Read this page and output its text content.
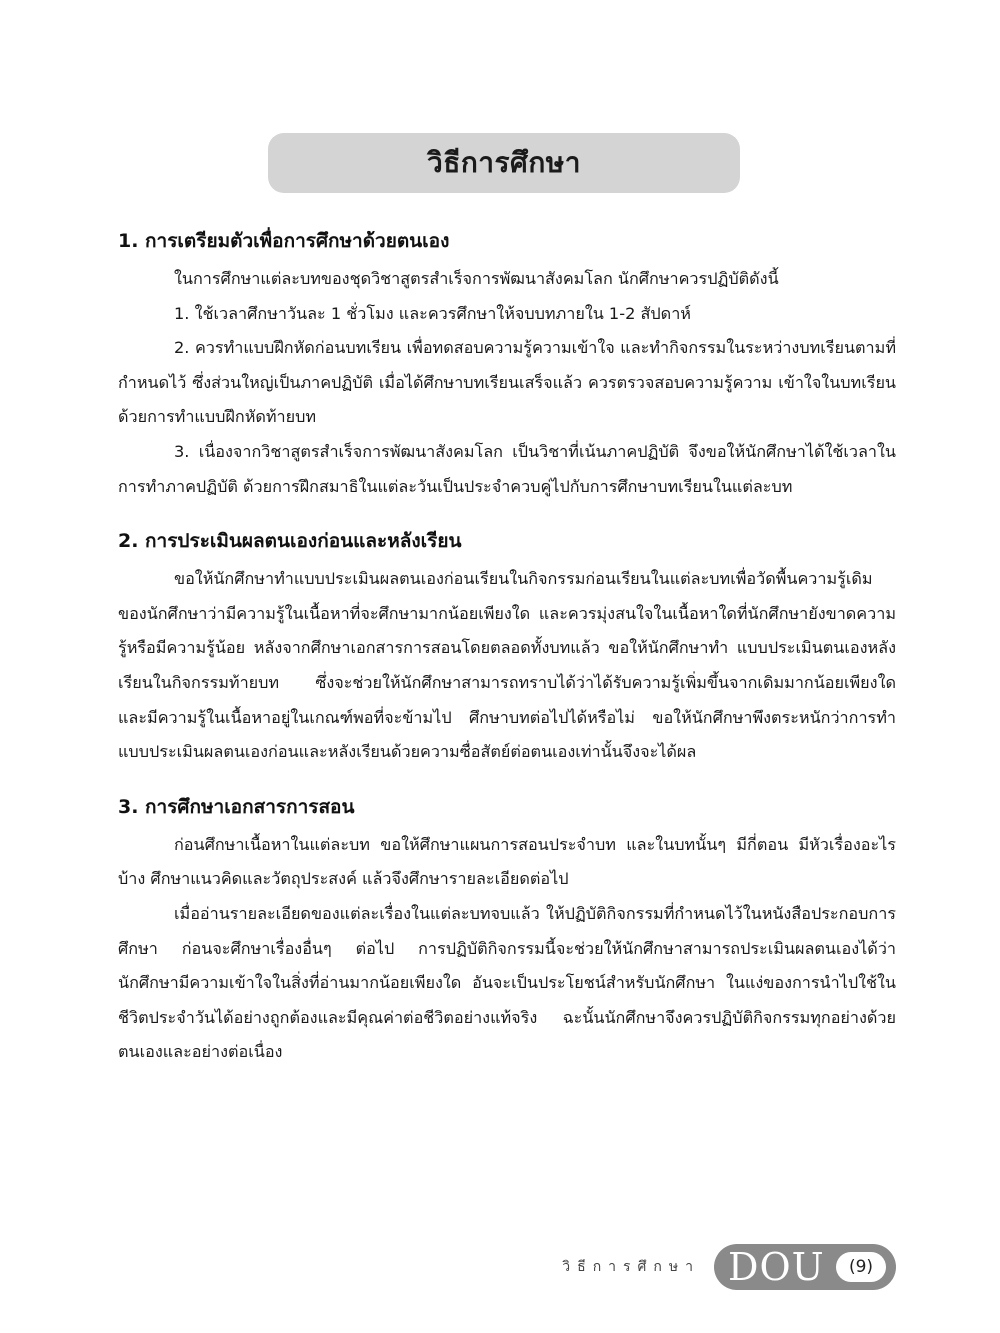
วิธีการศึกษา
1. การเตรียมตัวเพื่อการศึกษาด้วยตนเอง

ในการศึกษาแต่ละบทของชุดวิชาสูตรสำเร็จการพัฒนาสังคมโลก นักศึกษาควรปฏิบัติดังนี้

1. ใช้เวลาศึกษาวันละ 1 ชั่วโมง และควรศึกษาให้จบบทภายใน 1-2 สัปดาห์

2. ควรทำแบบฝึกหัดก่อนบทเรียน เพื่อทดสอบความรู้ความเข้าใจ และทำกิจกรรมในระหว่างบทเรียนตามที่กำหนดไว้ ซึ่งส่วนใหญ่เป็นภาคปฏิบัติ เมื่อได้ศึกษาบทเรียนเสร็จแล้ว ควรตรวจสอบความรู้ความ เข้าใจในบทเรียน ด้วยการทำแบบฝึกหัดท้ายบท

3. เนื่องจากวิชาสูตรสำเร็จการพัฒนาสังคมโลก เป็นวิชาที่เน้นภาคปฏิบัติ จึงขอให้นักศึกษาได้ใช้เวลาในการทำภาคปฏิบัติ ด้วยการฝึกสมาธิในแต่ละวันเป็นประจำควบคู่ไปกับการศึกษาบทเรียนในแต่ละบท

2. การประเมินผลตนเองก่อนและหลังเรียน

ขอให้นักศึกษาทำแบบประเมินผลตนเองก่อนเรียนในกิจกรรมก่อนเรียนในแต่ละบทเพื่อวัดพื้นความรู้เดิมของนักศึกษาว่ามีความรู้ในเนื้อหาที่จะศึกษามากน้อยเพียงใด และควรมุ่งสนใจในเนื้อหาใดที่นักศึกษายังขาดความรู้หรือมีความรู้น้อย หลังจากศึกษาเอกสารการสอนโดยตลอดทั้งบทแล้ว ขอให้นักศึกษาทำ แบบประเมินตนเองหลังเรียนในกิจกรรมท้ายบท ซึ่งจะช่วยให้นักศึกษาสามารถทราบได้ว่าได้รับความรู้เพิ่มขึ้นจากเดิมมากน้อยเพียงใด และมีความรู้ในเนื้อหาอยู่ในเกณฑ์พอที่จะข้ามไป ศึกษาบทต่อไปได้หรือไม่ ขอให้นักศึกษาพึงตระหนักว่าการทำแบบประเมินผลตนเองก่อนและหลังเรียนด้วยความซื่อสัตย์ต่อตนเองเท่านั้นจึงจะได้ผล

3. การศึกษาเอกสารการสอน

ก่อนศึกษาเนื้อหาในแต่ละบท ขอให้ศึกษาแผนการสอนประจำบท และในบทนั้นๆ มีกี่ตอน มีหัวเรื่องอะไรบ้าง ศึกษาแนวคิดและวัตถุประสงค์ แล้วจึงศึกษารายละเอียดต่อไป

เมื่ออ่านรายละเอียดของแต่ละเรื่องในแต่ละบทจบแล้ว ให้ปฏิบัติกิจกรรมที่กำหนดไว้ในหนังสือประกอบการศึกษา ก่อนจะศึกษาเรื่องอื่นๆ ต่อไป การปฏิบัติกิจกรรมนี้จะช่วยให้นักศึกษาสามารถประเมินผลตนเองได้ว่า นักศึกษามีความเข้าใจในสิ่งที่อ่านมากน้อยเพียงใด อันจะเป็นประโยชน์สำหรับนักศึกษา ในแง่ของการนำไปใช้ในชีวิตประจำวันได้อย่างถูกต้องและมีคุณค่าต่อชีวิตอย่างแท้จริง ฉะนั้นนักศึกษาจึงควรปฏิบัติกิจกรรมทุกอย่างด้วยตนเองและอย่างต่อเนื่อง

วิธีการศึกษา DOU	(9)
